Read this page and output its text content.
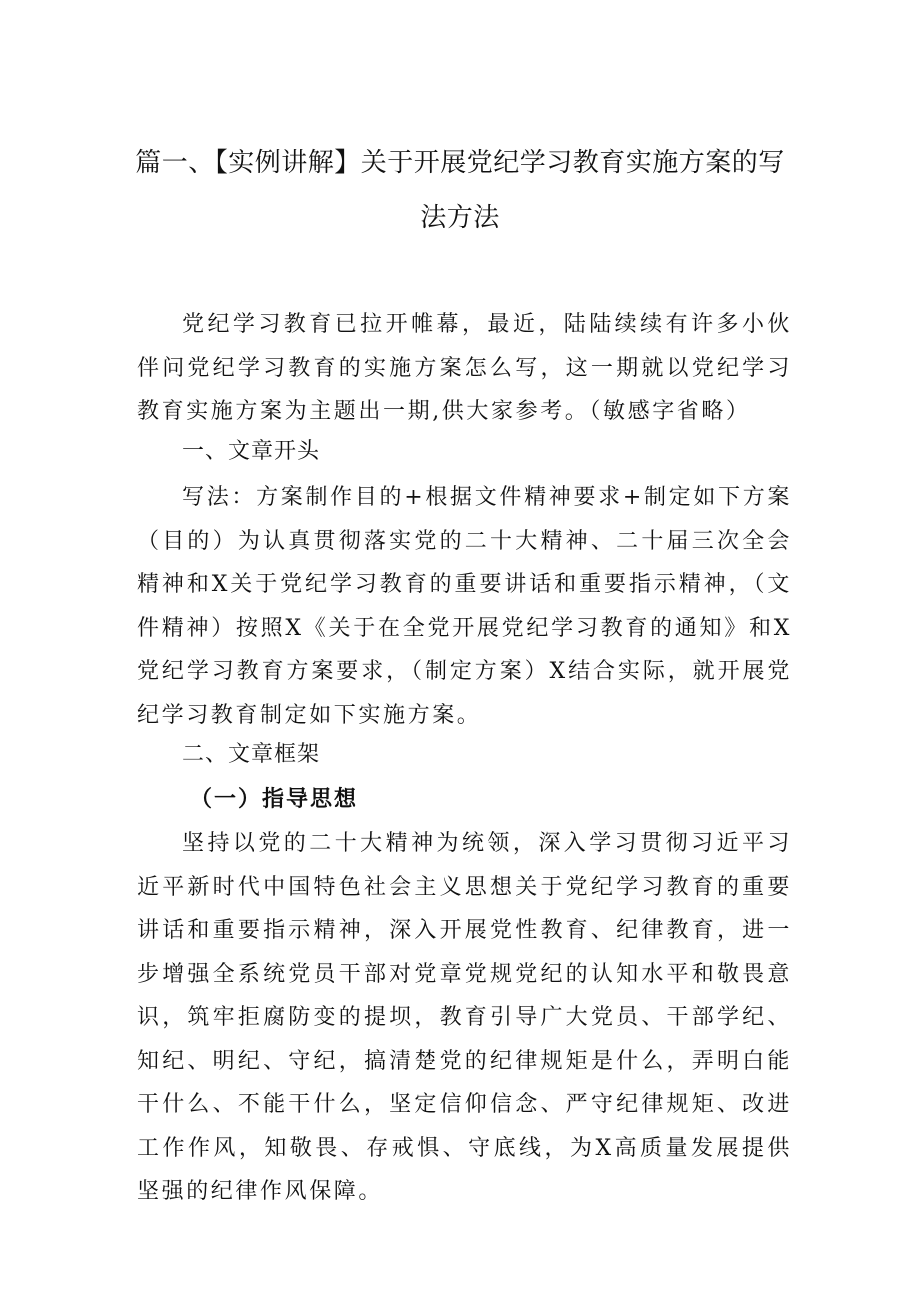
篇一、【实例讲解】关于开展党纪学习教育实施方案的写
法方法

党纪学习教育已拉开帷幕，最近，陆陆续续有许多小伙伴问党纪学习教育的实施方案怎么写，这一期就以党纪学习教育实施方案为主题出一期,供大家参考。（敏感字省略）

一、文章开头

写法：方案制作目的+根据文件精神要求+制定如下方案（目的）为认真贯彻落实党的二十大精神、二十届三次全会精神和X关于党纪学习教育的重要讲话和重要指示精神，（文件精神）按照X《关于在全党开展党纪学习教育的通知》和X党纪学习教育方案要求，（制定方案）X结合实际，就开展党纪学习教育制定如下实施方案。

二、文章框架
（一）指导思想

坚持以党的二十大精神为统领，深入学习贯彻习近平习近平新时代中国特色社会主义思想关于党纪学习教育的重要讲话和重要指示精神，深入开展党性教育、纪律教育，进一步增强全系统党员干部对党章党规党纪的认知水平和敬畏意识，筑牢拒腐防变的提坝，教育引导广大党员、干部学纪、知纪、明纪、守纪，搞清楚党的纪律规矩是什么，弄明白能干什么、不能干什么，坚定信仰信念、严守纪律规矩、改进工作作风，知敬畏、存戒惧、守底线，为X高质量发展提供坚强的纪律作风保障。
